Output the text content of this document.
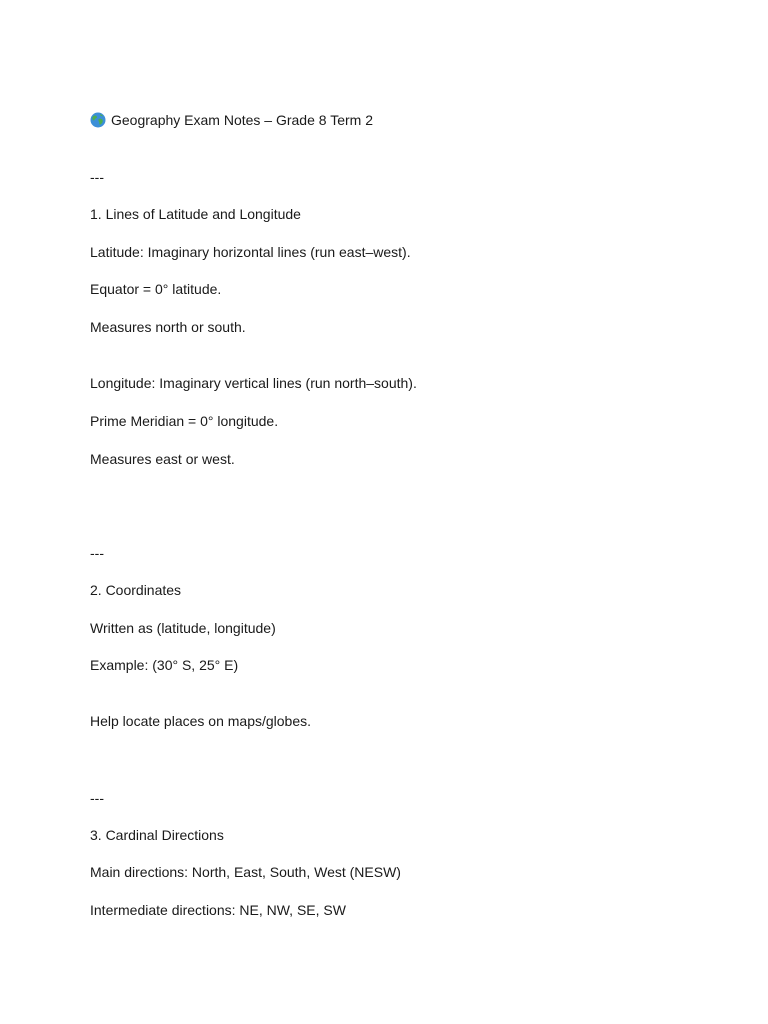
Geography Exam Notes – Grade 8 Term 2
---
1. Lines of Latitude and Longitude
Latitude: Imaginary horizontal lines (run east–west).
Equator = 0° latitude.
Measures north or south.
Longitude: Imaginary vertical lines (run north–south).
Prime Meridian = 0° longitude.
Measures east or west.
---
2. Coordinates
Written as (latitude, longitude)
Example: (30° S, 25° E)
Help locate places on maps/globes.
---
3. Cardinal Directions
Main directions: North, East, South, West (NESW)
Intermediate directions: NE, NW, SE, SW
